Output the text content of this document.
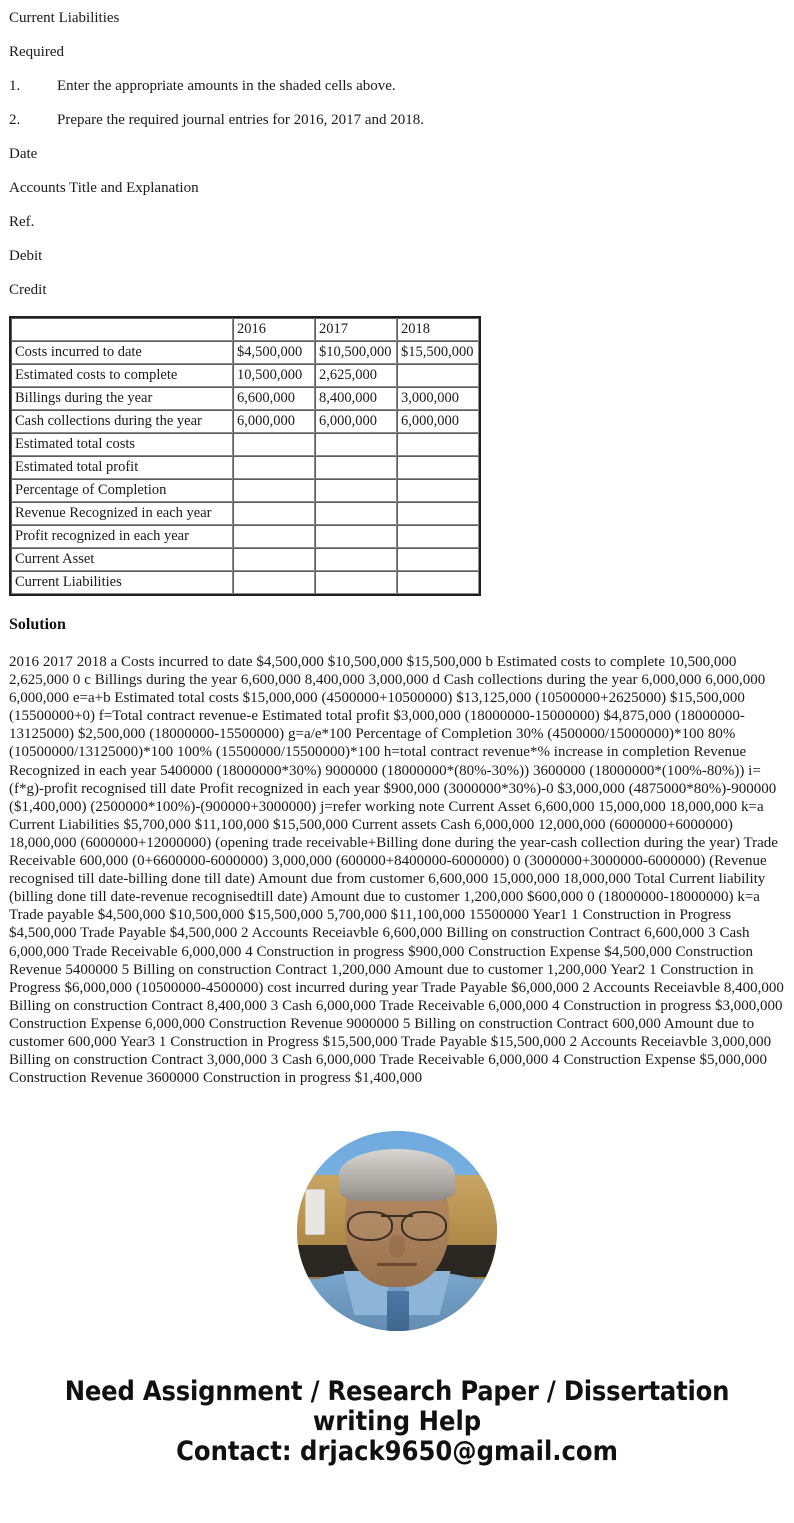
Current Liabilities

Required

1. Enter the appropriate amounts in the shaded cells above.

2. Prepare the required journal entries for 2016, 2017 and 2018.

Date

Accounts Title and Explanation

Ref.

Debit

Credit

	2016	2017	2018
Costs incurred to date	$4,500,000	$10,500,000	$15,500,000
Estimated costs to complete	10,500,000	2,625,000	
Billings during the year	6,600,000	8,400,000	3,000,000
Cash collections during the year	6,000,000	6,000,000	6,000,000
Estimated total costs			
Estimated total profit			
Percentage of Completion			
Revenue Recognized in each year			
Profit recognized in each year			
Current Asset			
Current Liabilities			
Solution
2016 2017 2018 a Costs incurred to date $4,500,000 $10,500,000 $15,500,000 b Estimated costs to complete 10,500,000 2,625,000 0 c Billings during the year 6,600,000 8,400,000 3,000,000 d Cash collections during the year 6,000,000 6,000,000 6,000,000 e=a+b Estimated total costs $15,000,000 (4500000+10500000) $13,125,000 (10500000+2625000) $15,500,000 (15500000+0) f=Total contract revenue-e Estimated total profit $3,000,000 (18000000-15000000) $4,875,000 (18000000-13125000) $2,500,000 (18000000-15500000) g=a/e*100 Percentage of Completion 30% (4500000/15000000)*100 80% (10500000/13125000)*100 100% (15500000/15500000)*100 h=total contract revenue*% increase in completion Revenue Recognized in each year 5400000 (18000000*30%) 9000000 (18000000*(80%-30%)) 3600000 (18000000*(100%-80%)) i=(f*g)-profit recognised till date Profit recognized in each year $900,000 (3000000*30%)-0 $3,000,000 (4875000*80%)-900000 ($1,400,000) (2500000*100%)-(900000+3000000) j=refer working note Current Asset 6,600,000 15,000,000 18,000,000 k=a Current Liabilities $5,700,000 $11,100,000 $15,500,000 Current assets Cash 6,000,000 12,000,000 (6000000+6000000) 18,000,000 (6000000+12000000) (opening trade receivable+Billing done during the year-cash collection during the year) Trade Receivable 600,000 (0+6600000-6000000) 3,000,000 (600000+8400000-6000000) 0 (3000000+3000000-6000000) (Revenue recognised till date-billing done till date) Amount due from customer 6,600,000 15,000,000 18,000,000 Total Current liability (billing done till date-revenue recognisedtill date) Amount due to customer 1,200,000 $600,000 0 (18000000-18000000) k=a Trade payable $4,500,000 $10,500,000 $15,500,000 5,700,000 $11,100,000 15500000 Year1 1 Construction in Progress $4,500,000 Trade Payable $4,500,000 2 Accounts Receiavble 6,600,000 Billing on construction Contract 6,600,000 3 Cash 6,000,000 Trade Receivable 6,000,000 4 Construction in progress $900,000 Construction Expense $4,500,000 Construction Revenue 5400000 5 Billing on construction Contract 1,200,000 Amount due to customer 1,200,000 Year2 1 Construction in Progress $6,000,000 (10500000-4500000) cost incurred during year Trade Payable $6,000,000 2 Accounts Receiavble 8,400,000 Billing on construction Contract 8,400,000 3 Cash 6,000,000 Trade Receivable 6,000,000 4 Construction in progress $3,000,000 Construction Expense 6,000,000 Construction Revenue 9000000 5 Billing on construction Contract 600,000 Amount due to customer 600,000 Year3 1 Construction in Progress $15,500,000 Trade Payable $15,500,000 2 Accounts Receiavble 3,000,000 Billing on construction Contract 3,000,000 3 Cash 6,000,000 Trade Receivable 6,000,000 4 Construction Expense $5,000,000 Construction Revenue 3600000 Construction in progress $1,400,000
Need Assignment / Research Paper / Dissertation
writing Help
Contact: drjack9650@gmail.com
